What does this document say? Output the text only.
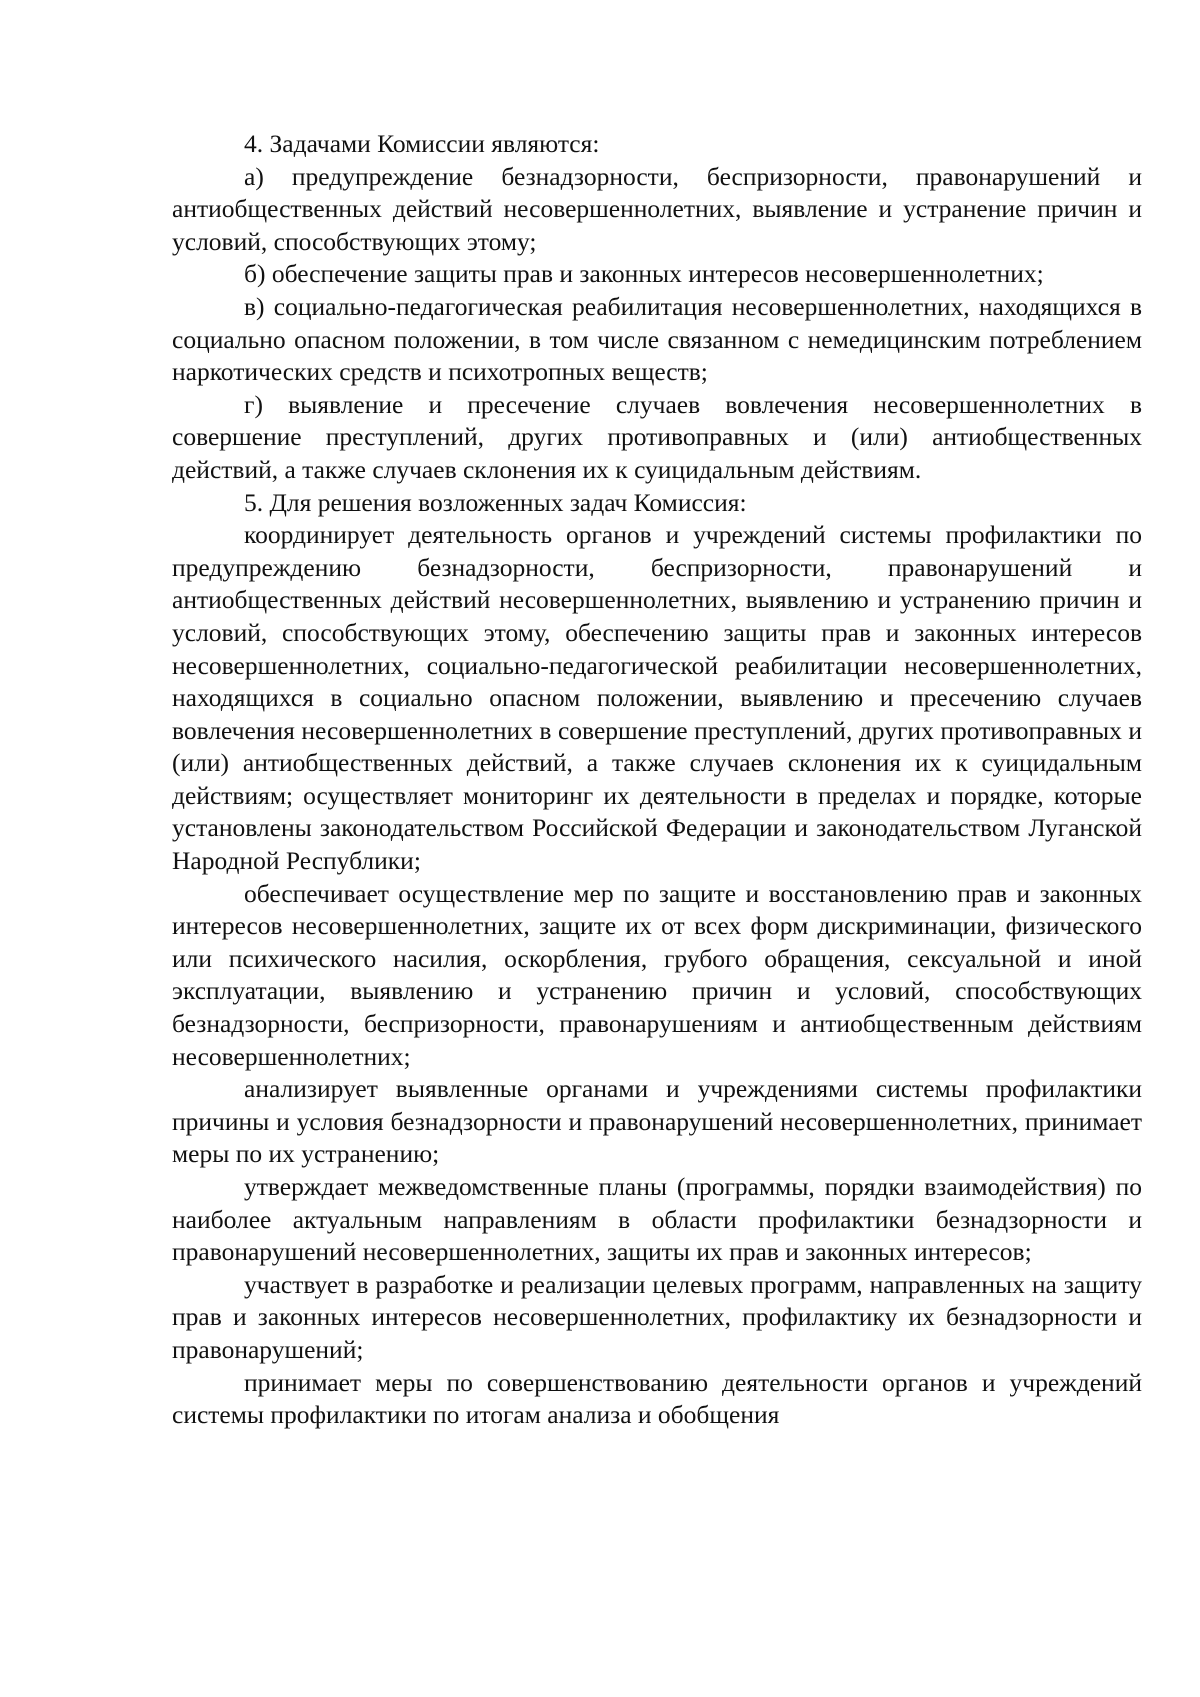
4. Задачами Комиссии являются:

а) предупреждение безнадзорности, беспризорности, правонарушений и антиобщественных действий несовершеннолетних, выявление и устранение причин и условий, способствующих этому;

б) обеспечение защиты прав и законных интересов несовершеннолетних;

в) социально-педагогическая реабилитация несовершеннолетних, находящихся в социально опасном положении, в том числе связанном с немедицинским потреблением наркотических средств и психотропных веществ;

г) выявление и пресечение случаев вовлечения несовершеннолетних в совершение преступлений, других противоправных и (или) антиобщественных действий, а также случаев склонения их к суицидальным действиям.

5. Для решения возложенных задач Комиссия:

координирует деятельность органов и учреждений системы профилактики по предупреждению безнадзорности, беспризорности, правонарушений и антиобщественных действий несовершеннолетних, выявлению и устранению причин и условий, способствующих этому, обеспечению защиты прав и законных интересов несовершеннолетних, социально-педагогической реабилитации несовершеннолетних, находящихся в социально опасном положении, выявлению и пресечению случаев вовлечения несовершеннолетних в совершение преступлений, других противоправных и (или) антиобщественных действий, а также случаев склонения их к суицидальным действиям; осуществляет мониторинг их деятельности в пределах и порядке, которые установлены законодательством Российской Федерации и законодательством Луганской Народной Республики;

обеспечивает осуществление мер по защите и восстановлению прав и законных интересов несовершеннолетних, защите их от всех форм дискриминации, физического или психического насилия, оскорбления, грубого обращения, сексуальной и иной эксплуатации, выявлению и устранению причин и условий, способствующих безнадзорности, беспризорности, правонарушениям и антиобщественным действиям несовершеннолетних;

анализирует выявленные органами и учреждениями системы профилактики причины и условия безнадзорности и правонарушений несовершеннолетних, принимает меры по их устранению;

утверждает межведомственные планы (программы, порядки взаимодействия) по наиболее актуальным направлениям в области профилактики безнадзорности и правонарушений несовершеннолетних, защиты их прав и законных интересов;

участвует в разработке и реализации целевых программ, направленных на защиту прав и законных интересов несовершеннолетних, профилактику их безнадзорности и правонарушений;

принимает меры по совершенствованию деятельности органов и учреждений системы профилактики по итогам анализа и обобщения
